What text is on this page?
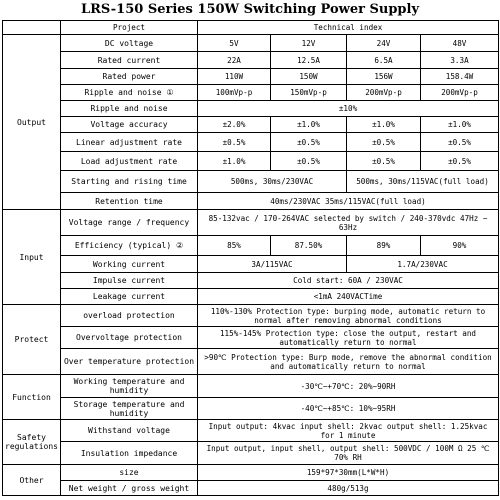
LRS-150 Series 150W Switching Power Supply
	Project	Technical index			
Output	DC voltage	5V	12V	24V	48V
	Rated current	22A	12.5A	6.5A	3.3A
	Rated power	110W	150W	156W	158.4W
	Ripple and noise ①	100mVp-p	150mVp-p	200mVp-p	200mVp-p
	Ripple and noise	±10%			
	Voltage accuracy	±2.0%	±1.0%	±1.0%	±1.0%
	Linear adjustment rate	±0.5%	±0.5%	±0.5%	±0.5%
	Load adjustment rate	±1.0%	±0.5%	±0.5%	±0.5%
	Starting and rising time	500ms, 30ms/230VAC		500ms, 30ms/115VAC(full load)	
	Retention time	40ms/230VAC 35ms/115VAC(full load)			
Input	Voltage range / frequency	85-132vac / 170-264VAC selected by switch / 240-370vdc 47Hz ~ 63Hz			
	Efficiency (typical) ②	85%	87.50%	89%	90%
	Working current	3A/115VAC		1.7A/230VAC	
	Impulse current	Cold start: 60A / 230VAC			
	Leakage current	<1mA 240VACTime			
Protect	overload protection	110%-130% Protection type: burping mode, automatic return to normal after removing abnormal conditions			
	Overvoltage protection	115%-145% Protection type: close the output, restart and automatically return to normal			
	Over temperature protection	>90℃ Protection type: Burp mode, remove the abnormal condition and automatically return to normal			
Function	Working temperature and humidity	-30℃~+70℃: 20%~90RH			
	Storage temperature and humidity	-40℃~+85℃: 10%~95RH			
Safety regulations	Withstand voltage	Input output: 4kvac input shell: 2kvac output shell: 1.25kvac for 1 minute			
	Insulation impedance	Input output, input shell, output shell: 500VDC / 100M Ω 25 ℃ 70% RH			
Other	size	159*97*30mm(L*W*H)			
	Net weight / gross weight	480g/513g			
